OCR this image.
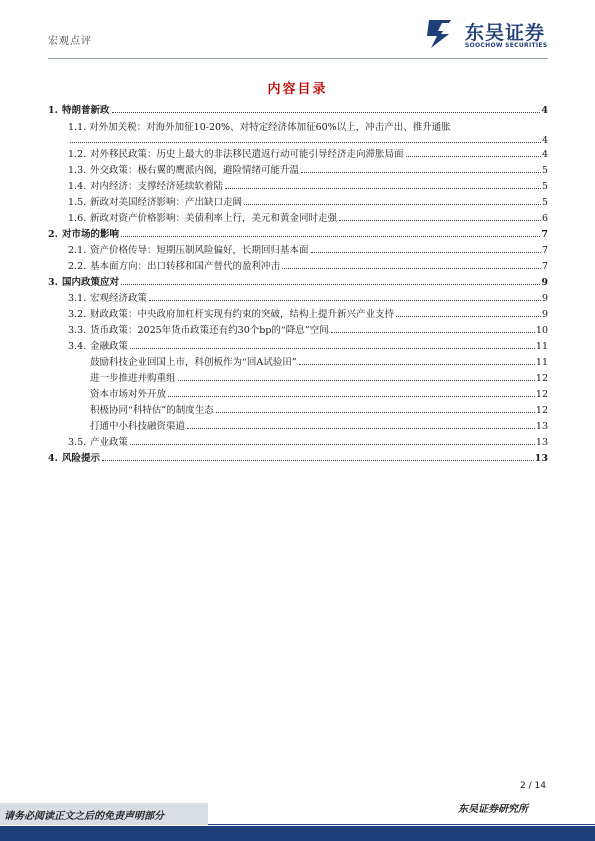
宏观点评	东吴证券
SOOCHOW SECURITIES
内容目录
1. 特朗普新政	4
1.1. 对外加关税：对海外加征10-20%、对特定经济体加征60%以上，冲击产出、推升通胀
4
1.2. 对外移民政策：历史上最大的非法移民遣返行动可能引导经济走向滞胀局面	4
1.3. 外交政策：极右翼的鹰派内阁，避险情绪可能升温	5
1.4. 对内经济：支撑经济延续软着陆	5
1.5. 新政对美国经济影响：产出缺口走阔	5
1.6. 新政对资产价格影响：美债利率上行，美元和黄金同时走强	6
2. 对市场的影响	7
2.1. 资产价格传导：短期压制风险偏好，长期回归基本面	7
2.2. 基本面方向：出口转移和国产替代的盈利冲击	7
3. 国内政策应对	9
3.1. 宏观经济政策	9
3.2. 财政政策：中央政府加杠杆实现有约束的突破，结构上提升新兴产业支持	9
3.3. 货币政策：2025年货币政策还有约30个bp的“降息”空间	10
3.4. 金融政策	11
鼓励科技企业回国上市，科创板作为“回A试验田”	11
进一步推进并购重组	12
资本市场对外开放	12
积极协同“科特估”的制度生态	12
打通中小科技融资渠道	13
3.5. 产业政策	13
4. 风险提示	13
2 / 14
请务必阅读正文之后的免责声明部分
东吴证券研究所
